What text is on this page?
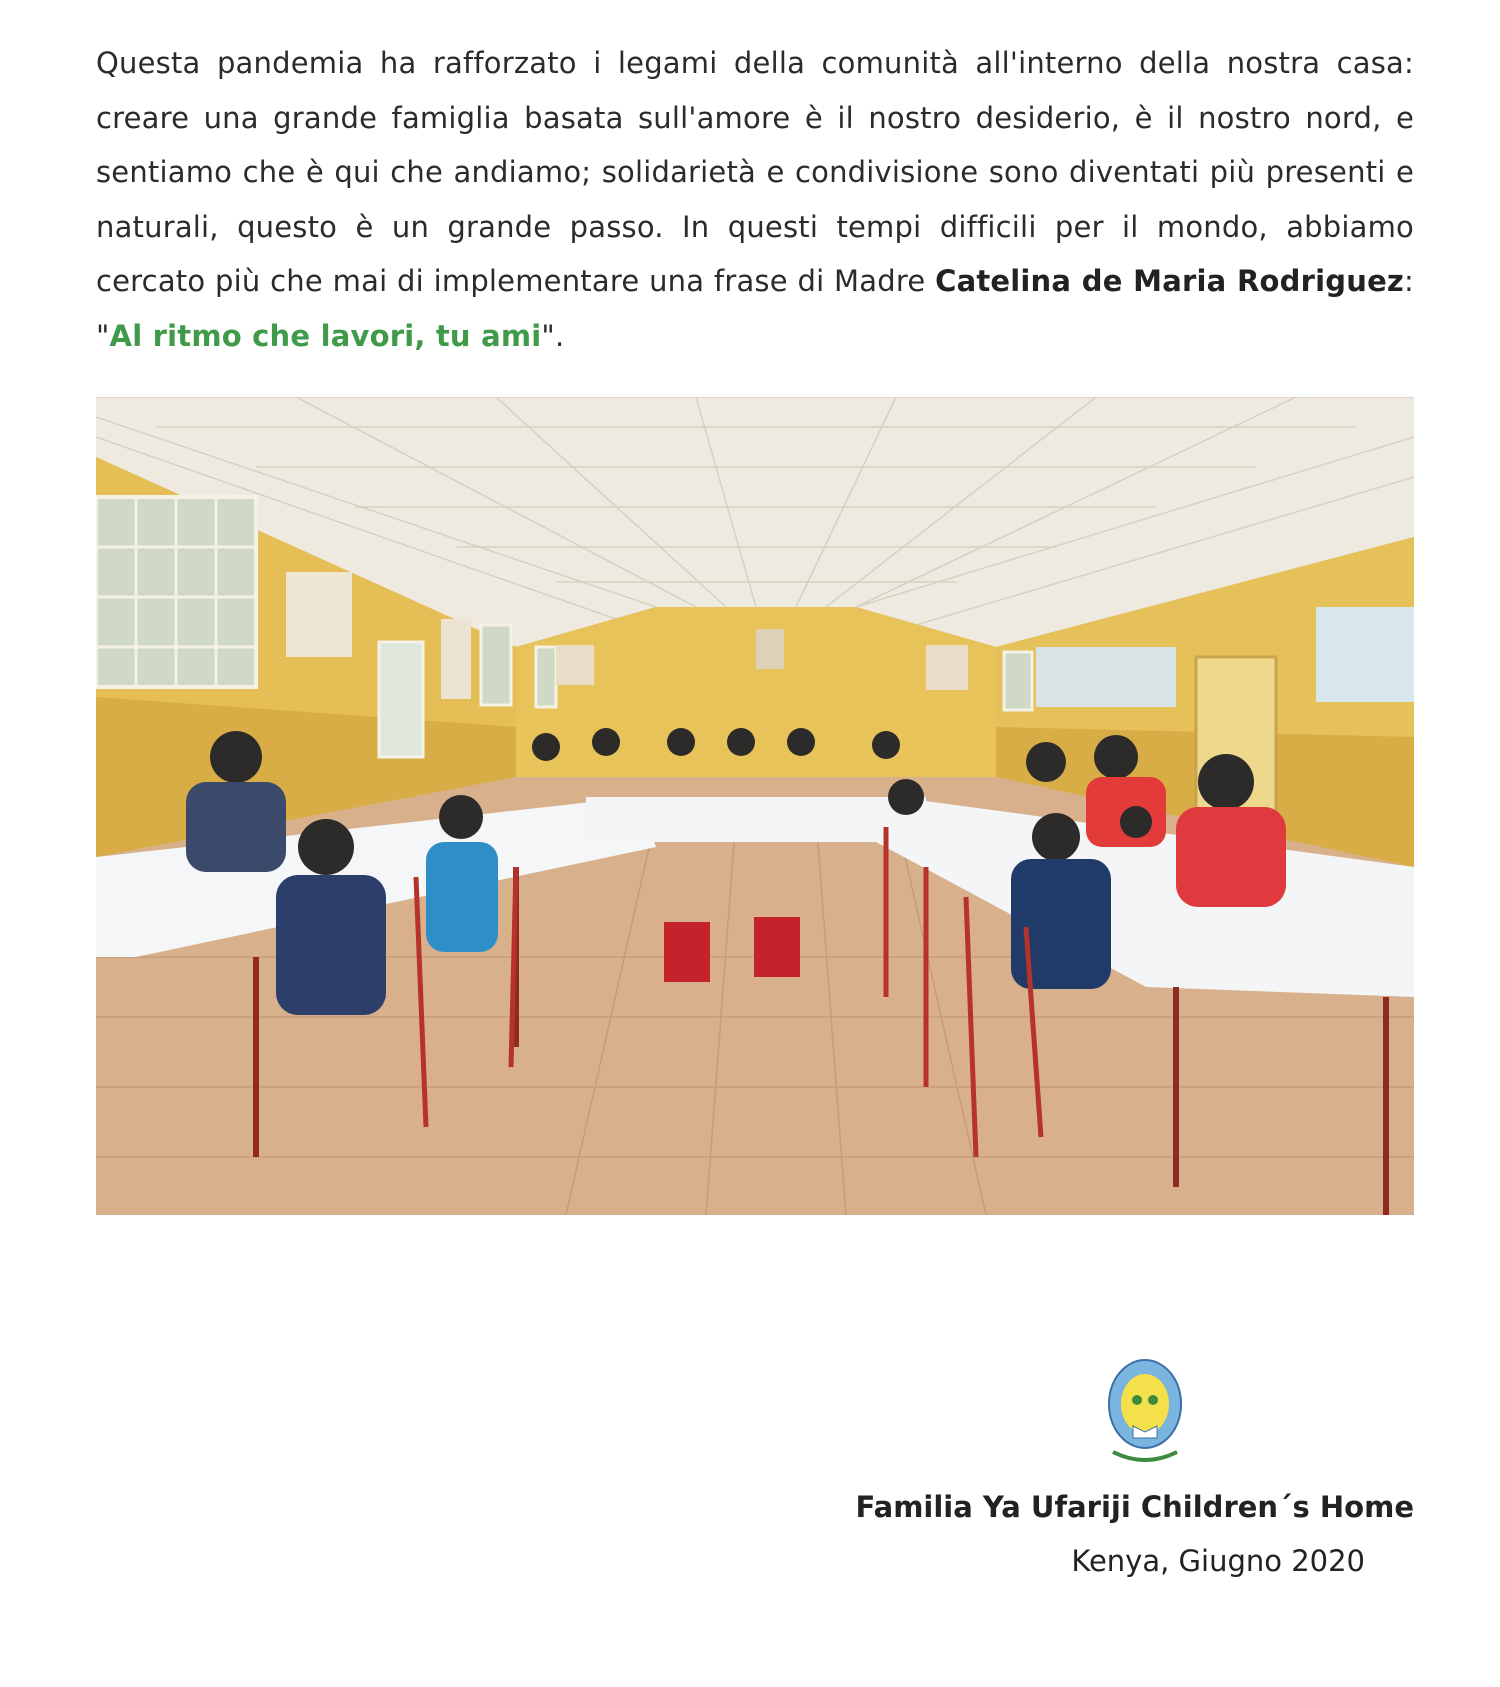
Questa pandemia ha rafforzato i legami della comunità all'interno della nostra casa: creare una grande famiglia basata sull'amore è il nostro desiderio, è il nostro nord, e sentiamo che è qui che andiamo; solidarietà e condivisione sono diventati più presenti e naturali, questo è un grande passo. In questi tempi difficili per il mondo, abbiamo cercato più che mai di implementare una frase di Madre Catelina de Maria Rodriguez: "Al ritmo che lavori, tu ami".

Familia Ya Ufariji Children´s Home
Kenya, Giugno 2020
